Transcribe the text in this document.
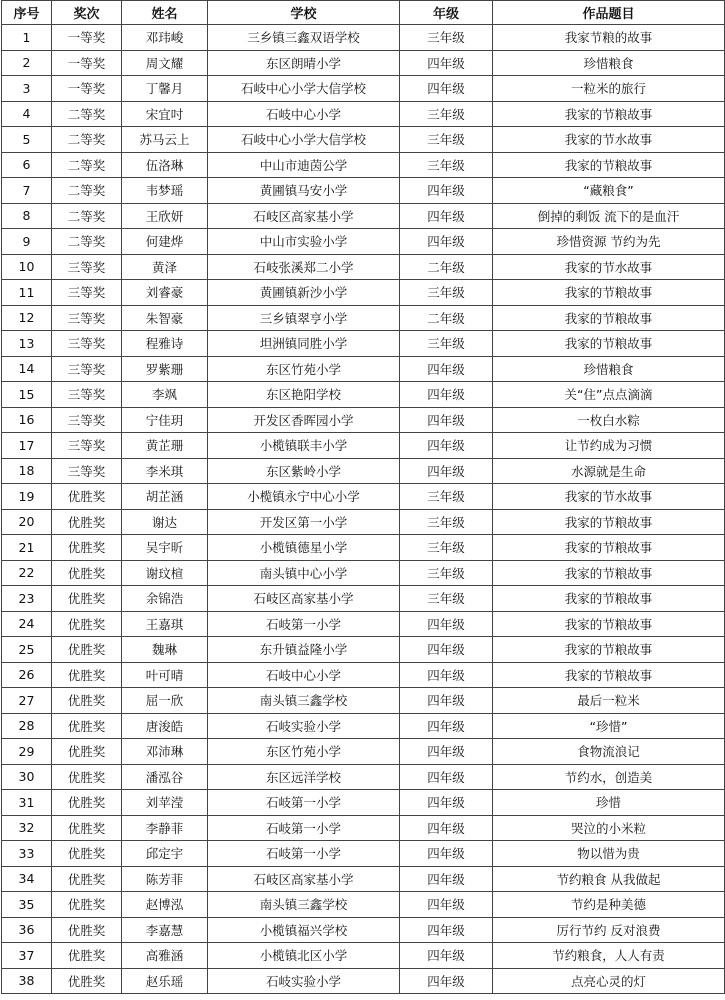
序号	奖次	姓名	学校	年级	作品题目
1	一等奖	邓玮峻	三乡镇三鑫双语学校	三年级	我家节粮的故事
2	一等奖	周文耀	东区朗晴小学	四年级	珍惜粮食
3	一等奖	丁馨月	石岐中心小学大信学校	四年级	一粒米的旅行
4	二等奖	宋宜吋	石岐中心小学	三年级	我家的节粮故事
5	二等奖	苏马云上	石岐中心小学大信学校	三年级	我家的节水故事
6	二等奖	伍洛琳	中山市迪茵公学	三年级	我家的节粮故事
7	二等奖	韦梦瑶	黄圃镇马安小学	四年级	“藏粮食”
8	二等奖	王欣妍	石岐区高家基小学	四年级	倒掉的剩饭 流下的是血汗
9	二等奖	何建烨	中山市实验小学	四年级	珍惜资源 节约为先
10	三等奖	黄泽	石岐张溪郑二小学	二年级	我家的节水故事
11	三等奖	刘睿豪	黄圃镇新沙小学	三年级	我家的节粮故事
12	三等奖	朱智豪	三乡镇翠亨小学	二年级	我家的节粮故事
13	三等奖	程雅诗	坦洲镇同胜小学	三年级	我家的节粮故事
14	三等奖	罗紫珊	东区竹苑小学	四年级	珍惜粮食
15	三等奖	李飒	东区艳阳学校	四年级	关“住”点点滴滴
16	三等奖	宁佳玥	开发区香晖园小学	四年级	一枚白水粽
17	三等奖	黄芷珊	小榄镇联丰小学	四年级	让节约成为习惯
18	三等奖	李米琪	东区紫岭小学	四年级	水源就是生命
19	优胜奖	胡芷涵	小榄镇永宁中心小学	三年级	我家的节水故事
20	优胜奖	谢达	开发区第一小学	三年级	我家的节粮故事
21	优胜奖	吴宇昕	小榄镇德星小学	三年级	我家的节粮故事
22	优胜奖	谢玟楦	南头镇中心小学	三年级	我家的节粮故事
23	优胜奖	余锦浩	石岐区高家基小学	三年级	我家的节粮故事
24	优胜奖	王嘉琪	石岐第一小学	四年级	我家的节粮故事
25	优胜奖	魏琳	东升镇益隆小学	四年级	我家的节粮故事
26	优胜奖	叶可晴	石岐中心小学	四年级	我家的节粮故事
27	优胜奖	屈一欣	南头镇三鑫学校	四年级	最后一粒米
28	优胜奖	唐浚皓	石岐实验小学	四年级	“珍惜”
29	优胜奖	邓沛琳	东区竹苑小学	四年级	食物流浪记
30	优胜奖	潘泓谷	东区远洋学校	四年级	节约水，创造美
31	优胜奖	刘苹滢	石岐第一小学	四年级	珍惜
32	优胜奖	李静菲	石岐第一小学	四年级	哭泣的小米粒
33	优胜奖	邱定宇	石岐第一小学	四年级	物以惜为贵
34	优胜奖	陈芳菲	石岐区高家基小学	四年级	节约粮食 从我做起
35	优胜奖	赵博泓	南头镇三鑫学校	四年级	节约是种美德
36	优胜奖	李嘉慧	小榄镇福兴学校	四年级	厉行节约 反对浪费
37	优胜奖	高雅涵	小榄镇北区小学	四年级	节约粮食，人人有责
38	优胜奖	赵乐瑶	石岐实验小学	四年级	点亮心灵的灯
